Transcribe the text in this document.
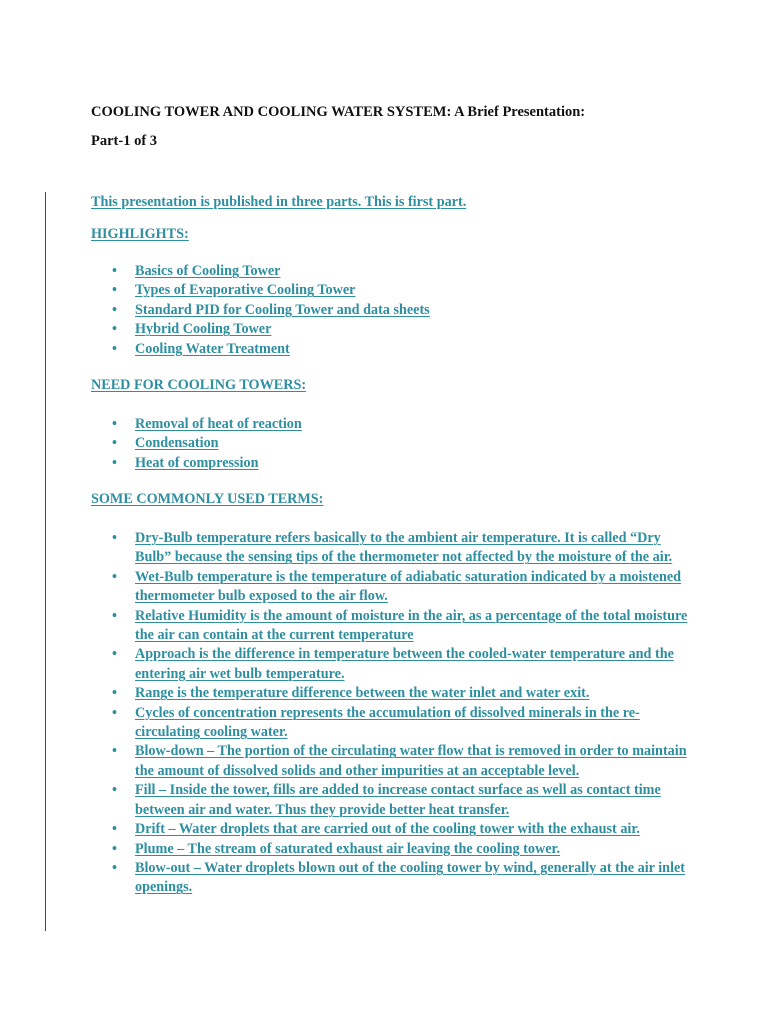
COOLING TOWER AND COOLING WATER SYSTEM: A Brief Presentation:
Part-1 of 3
This presentation is published in three parts. This is first part.
HIGHLIGHTS:
• Basics of Cooling Tower
• Types of Evaporative Cooling Tower
• Standard PID for Cooling Tower and data sheets
• Hybrid Cooling Tower
• Cooling Water Treatment
NEED FOR COOLING TOWERS:
• Removal of heat of reaction
• Condensation
• Heat of compression
SOME COMMONLY USED TERMS:
• Dry-Bulb temperature refers basically to the ambient air temperature. It is called “Dry Bulb” because the sensing tips of the thermometer not affected by the moisture of the air.
• Wet-Bulb temperature is the temperature of adiabatic saturation indicated by a moistened thermometer bulb exposed to the air flow.
• Relative Humidity is the amount of moisture in the air, as a percentage of the total moisture the air can contain at the current temperature
• Approach is the difference in temperature between the cooled-water temperature and the entering air wet bulb temperature.
• Range is the temperature difference between the water inlet and water exit.
• Cycles of concentration represents the accumulation of dissolved minerals in the re-circulating cooling water.
• Blow-down – The portion of the circulating water flow that is removed in order to maintain the amount of dissolved solids and other impurities at an acceptable level.
• Fill – Inside the tower, fills are added to increase contact surface as well as contact time between air and water. Thus they provide better heat transfer.
• Drift – Water droplets that are carried out of the cooling tower with the exhaust air.
• Plume – The stream of saturated exhaust air leaving the cooling tower.
• Blow-out – Water droplets blown out of the cooling tower by wind, generally at the air inlet openings.
